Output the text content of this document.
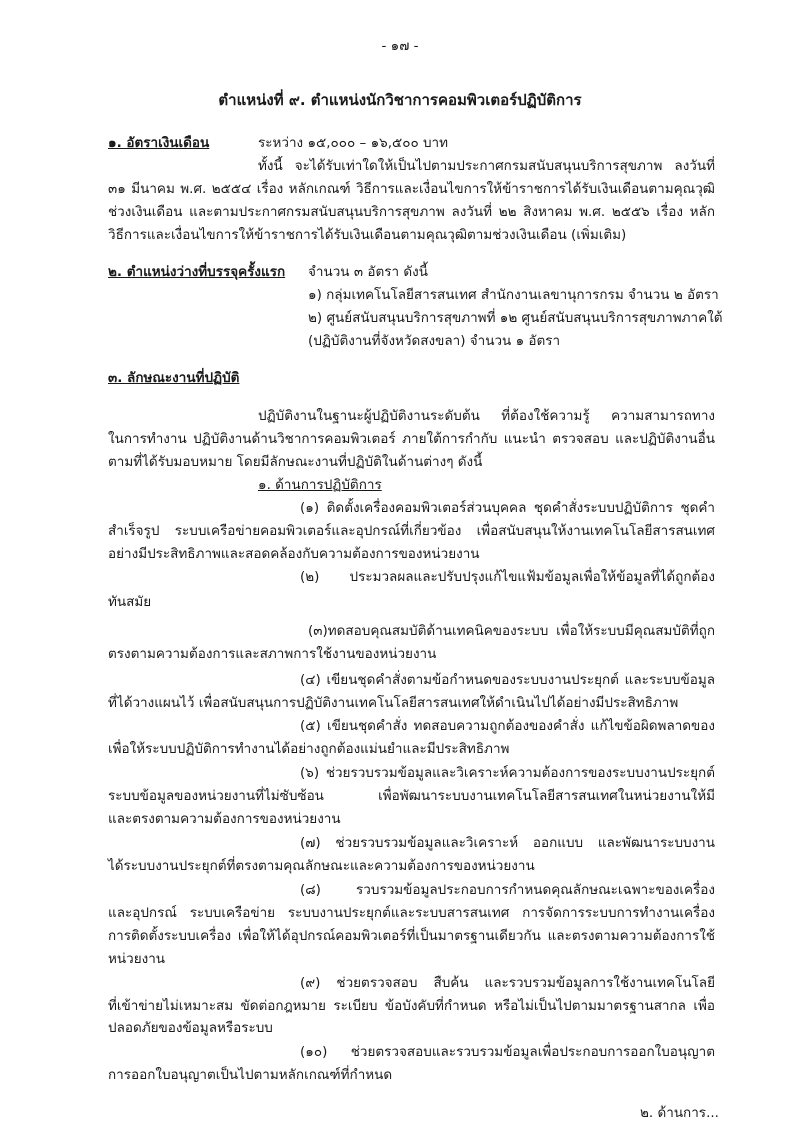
- ๑๗ -
ตำแหน่งที่ ๙. ตำแหน่งนักวิชาการคอมพิวเตอร์ปฏิบัติการ
๑. อัตราเงินเดือน	ระหว่าง ๑๕,๐๐๐ – ๑๖,๕๐๐ บาท
ทั้งนี้ จะได้รับเท่าใดให้เป็นไปตามประกาศกรมสนับสนุนบริการสุขภาพ ลงวันที่
๓๑ มีนาคม พ.ศ. ๒๕๕๔ เรื่อง หลักเกณฑ์ วิธีการและเงื่อนไขการให้ข้าราชการได้รับเงินเดือนตามคุณวุฒิ
ช่วงเงินเดือน และตามประกาศกรมสนับสนุนบริการสุขภาพ ลงวันที่ ๒๒ สิงหาคม พ.ศ. ๒๕๕๖ เรื่อง หลัก
วิธีการและเงื่อนไขการให้ข้าราชการได้รับเงินเดือนตามคุณวุฒิตามช่วงเงินเดือน (เพิ่มเติม)
๒. ตำแหน่งว่างที่บรรจุครั้งแรก จำนวน ๓ อัตรา ดังนี้
๑) กลุ่มเทคโนโลยีสารสนเทศ สำนักงานเลขานุการกรม จำนวน ๒ อัตรา
๒) ศูนย์สนับสนุนบริการสุขภาพที่ ๑๒ ศูนย์สนับสนุนบริการสุขภาพภาคใต้
(ปฏิบัติงานที่จังหวัดสงขลา) จำนวน ๑ อัตรา
๓. ลักษณะงานที่ปฏิบัติ
ปฏิบัติงานในฐานะผู้ปฏิบัติงานระดับต้น ที่ต้องใช้ความรู้ ความสามารถทาง
ในการทำงาน ปฏิบัติงานด้านวิชาการคอมพิวเตอร์ ภายใต้การกำกับ แนะนำ ตรวจสอบ และปฏิบัติงานอื่น
ตามที่ได้รับมอบหมาย โดยมีลักษณะงานที่ปฏิบัติในด้านต่างๆ ดังนี้
๑. ด้านการปฏิบัติการ
(๑) ติดตั้งเครื่องคอมพิวเตอร์ส่วนบุคคล ชุดคำสั่งระบบปฏิบัติการ ชุดคำ
สำเร็จรูป ระบบเครือข่ายคอมพิวเตอร์และอุปกรณ์ที่เกี่ยวข้อง เพื่อสนับสนุนให้งานเทคโนโลยีสารสนเทศ
อย่างมีประสิทธิภาพและสอดคล้องกับความต้องการของหน่วยงาน
(๒) ประมวลผลและปรับปรุงแก้ไขแฟ้มข้อมูลเพื่อให้ข้อมูลที่ได้ถูกต้อง
ทันสมัย
(๓)ทดสอบคุณสมบัติด้านเทคนิคของระบบ เพื่อให้ระบบมีคุณสมบัติที่ถูก
ตรงตามความต้องการและสภาพการใช้งานของหน่วยงาน
(๔) เขียนชุดคำสั่งตามข้อกำหนดของระบบงานประยุกต์ และระบบข้อมูล
ที่ได้วางแผนไว้ เพื่อสนับสนุนการปฏิบัติงานเทคโนโลยีสารสนเทศให้ดำเนินไปได้อย่างมีประสิทธิภาพ
(๕) เขียนชุดคำสั่ง ทดสอบความถูกต้องของคำสั่ง แก้ไขข้อผิดพลาดของ
เพื่อให้ระบบปฏิบัติการทำงานได้อย่างถูกต้องแม่นยำและมีประสิทธิภาพ
(๖) ช่วยรวบรวมข้อมูลและวิเคราะห์ความต้องการของระบบงานประยุกต์
ระบบข้อมูลของหน่วยงานที่ไม่ซับซ้อน เพื่อพัฒนาระบบงานเทคโนโลยีสารสนเทศในหน่วยงานให้มี
และตรงตามความต้องการของหน่วยงาน
(๗) ช่วยรวบรวมข้อมูลและวิเคราะห์ ออกแบบ และพัฒนาระบบงาน
ได้ระบบงานประยุกต์ที่ตรงตามคุณลักษณะและความต้องการของหน่วยงาน
(๘) รวบรวมข้อมูลประกอบการกำหนดคุณลักษณะเฉพาะของเครื่อง
และอุปกรณ์ ระบบเครือข่าย ระบบงานประยุกต์และระบบสารสนเทศ การจัดการระบบการทำงานเครื่อง
การติดตั้งระบบเครื่อง เพื่อให้ได้อุปกรณ์คอมพิวเตอร์ที่เป็นมาตรฐานเดียวกัน และตรงตามความต้องการใช้
หน่วยงาน
(๙) ช่วยตรวจสอบ สืบค้น และรวบรวมข้อมูลการใช้งานเทคโนโลยี
ที่เข้าข่ายไม่เหมาะสม ขัดต่อกฎหมาย ระเบียบ ข้อบังคับที่กำหนด หรือไม่เป็นไปตามมาตรฐานสากล เพื่อ
ปลอดภัยของข้อมูลหรือระบบ
(๑๐) ช่วยตรวจสอบและรวบรวมข้อมูลเพื่อประกอบการออกใบอนุญาต
การออกใบอนุญาตเป็นไปตามหลักเกณฑ์ที่กำหนด
๒. ด้านการ...
